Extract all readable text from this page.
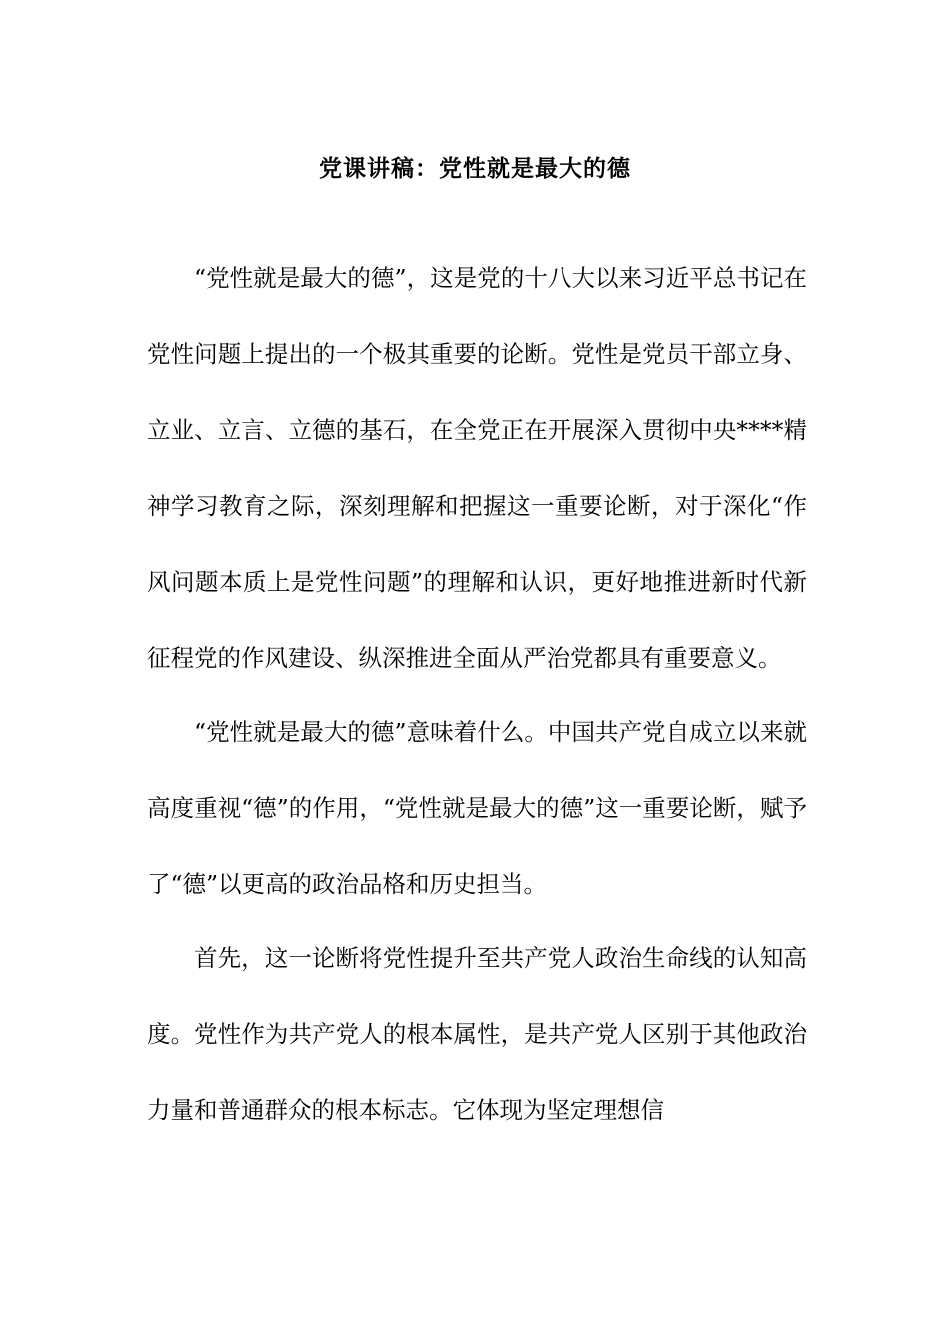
党课讲稿：党性就是最大的德

“党性就是最大的德”，这是党的十八大以来习近平总书记在党性问题上提出的一个极其重要的论断。党性是党员干部立身、立业、立言、立德的基石，在全党正在开展深入贯彻中央****精神学习教育之际，深刻理解和把握这一重要论断，对于深化“作风问题本质上是党性问题”的理解和认识，更好地推进新时代新征程党的作风建设、纵深推进全面从严治党都具有重要意义。

“党性就是最大的德”意味着什么。中国共产党自成立以来就高度重视“德”的作用，“党性就是最大的德”这一重要论断，赋予了“德”以更高的政治品格和历史担当。

首先，这一论断将党性提升至共产党人政治生命线的认知高度。党性作为共产党人的根本属性，是共产党人区别于其他政治力量和普通群众的根本标志。它体现为坚定理想信
